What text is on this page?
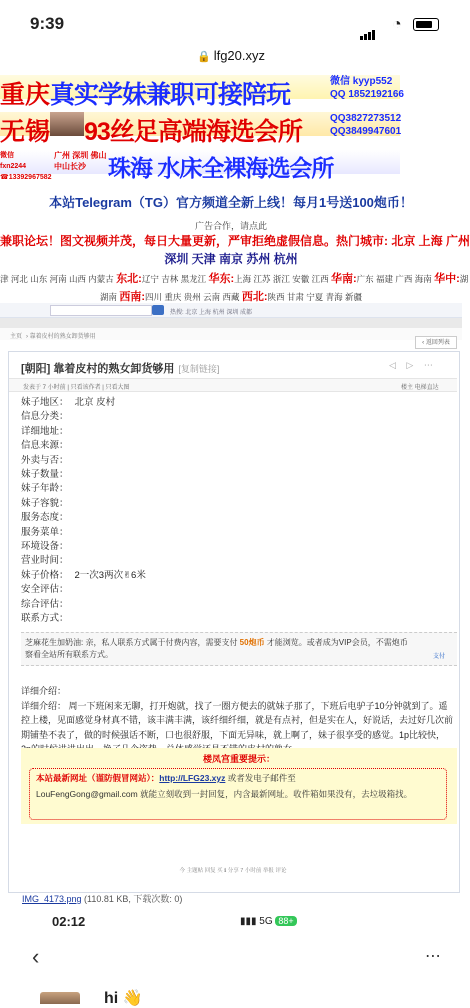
9:39	◔
🔒 lfg20.xyz
重庆真实学妹兼职可接陪玩	微信 kyyp552
QQ 1852192166
无锡 93丝足高端海选会所	QQ3827273512
QQ3849947601
微信 fxn2244 ☎13392967582广州 深圳 佛山中山长沙 珠海 水床全裸海选会所
本站Telegram（TG）官方频道全新上线！每月1号送100炮币！
广告合作，请点此
兼职论坛！图文视频并茂，每日大量更新，严审拒绝虚假信息。热门城市: 北京 上海 广州
深圳 天津 南京 苏州 杭州
津 河北 山东 河南 山西 内蒙古 东北:辽宁 吉林 黑龙江 华东:上海 江苏 浙江 安徽 江西 华南:广东 福建 广西 海南 华中:湖
湖南 西南:四川 重庆 贵州 云南 西藏 西北:陕西 甘肃 宁夏 青海 新疆
热搜: 北京 上海 杭州 深圳 成都
主页 › 靠着皮村的熟女卸货够用
‹ 返回列表
[朝阳] 靠着皮村的熟女卸货够用 [复制链接]	◁ ▷ ⋯
发表于 7 小时前 | 只看该作者 | 只看大图	楼主 电梯直达
妹子地区： 北京 皮村
信息分类：
详细地址：
信息来源：
外卖与否：
妹子数量：
妹子年龄：
妹子容貌：
服务态度：
服务菜单：
环境设备：
营业时间：
妹子价格： 2一次3两次✌6米
安全评估：
综合评估：
联系方式：
芝麻花生加奶油: 亲，私人联系方式属于付费内容，需要支付 50炮币 才能浏览。或者成为VIP会员，不需炮币
察看全站所有联系方式。	支付
详细介绍：
详细介绍： 周一下班闲来无聊，打开炮就，找了一圈方便去的就妹子那了，下班后电驴子10分钟就到了。遥控上楼，见面感觉身材真不错，该丰满丰满，该纤细纤细，就是有点衬，但是实在人，好说话，去过好几次前期铺垫不表了，做的时候强话不断，口也很舒服，下面无异味，就上啊了，妹子很享受的感觉。1p比较快，
楼凤宫重要提示：

本站最新网址（谨防假冒网站）：http://LFG23.xyz 或者发电子邮件至

LouFengGong@gmail.com 就能立刻收到一封回复，内含最新网址。收件箱如果没有，去垃圾箱找。

今 主题帖 回复 买 ℹ 分享 7 小时前 举报 评论
IMG_4173.png (110.81 KB, 下载次数: 0)
02:12	▮▮▮ 5G 88+
‹	⋯
hi 👋
